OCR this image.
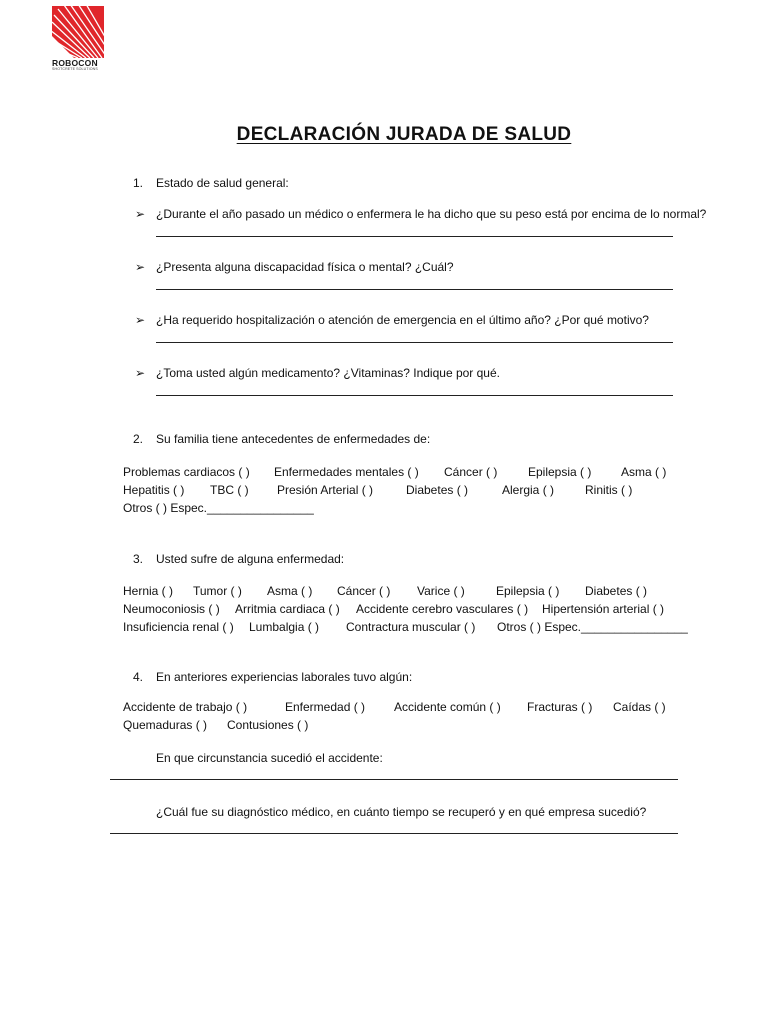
ROBOCON
SHOTCRETE SOLUTIONS
DECLARACIÓN JURADA DE SALUD
1. Estado de salud general:
➢ ¿Durante el año pasado un médico o enfermera le ha dicho que su peso está por encima de lo normal?
➢ ¿Presenta alguna discapacidad física o mental? ¿Cuál?
➢ ¿Ha requerido hospitalización o atención de emergencia en el último año? ¿Por qué motivo?
➢ ¿Toma usted algún medicamento? ¿Vitaminas? Indique por qué.
2. Su familia tiene antecedentes de enfermedades de:
Problemas cardiacos ( ) Enfermedades mentales ( ) Cáncer ( )	Epilepsia ( ) Asma ( )
Hepatitis ( ) TBC ( ) Presión Arterial ( )	Diabetes ( )	Alergia ( )	Rinitis ( )
Otros ( ) Espec.________________
3. Usted sufre de alguna enfermedad:
Hernia ( ) Tumor ( ) Asma ( ) Cáncer ( ) Varice ( )	Epilepsia ( ) Diabetes ( )
Neumoconiosis ( ) Arritmia cardiaca ( ) Accidente cerebro vasculares ( ) Hipertensión arterial ( )
Insuficiencia renal ( ) Lumbalgia ( ) Contractura muscular ( ) Otros ( ) Espec.________________
4. En anteriores experiencias laborales tuvo algún:
Accidente de trabajo ( )	Enfermedad ( ) Accidente común ( ) Fracturas ( ) Caídas ( )
Quemaduras ( ) Contusiones ( )
En que circunstancia sucedió el accidente:
¿Cuál fue su diagnóstico médico, en cuánto tiempo se recuperó y en qué empresa sucedió?
